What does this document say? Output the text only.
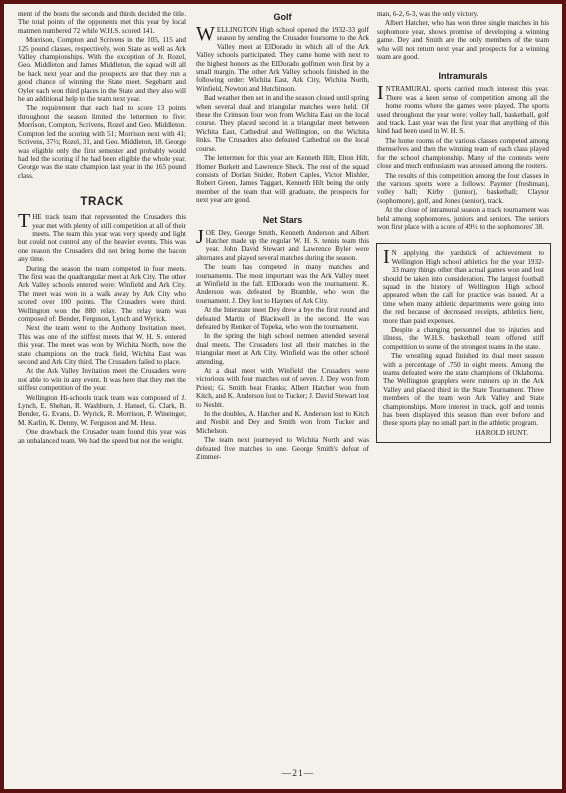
ment of the bouts the seconds and thirds decided the title. The total points of the opponents met this year by local matmen numbered 72 while W.H.S. scored 141.

Morrison, Compton and Scrivens in the 105, 115 and 125 pound classes, respectively, won State as well as Ark Valley championships. With the exception of Jr. Rozel, Geo. Middleton and James Middleton, the squad will all be back next year and the prospects are that they run a good chance of winning the State meet. Segebartt and Oyler each won third places in the State and they also will be an additional help to the team next year.

The requirement that each had to score 13 points throughout the season limited the lettermen to five: Morrison, Compton, Scrivens, Rozel and Geo. Middleton. Compton led the scoring with 51; Morrison next with 41; Scrivens, 37½; Rozel, 31, and Geo. Middleton, 18. George was eligible only the first semester and probably would had led the scoring if he had been eligible the whole year. George was the state champion last year in the 165 pound class.

TRACK

THE track team that represented the Crusaders this year met with plenty of still competition at all of their meets. The team this year was very speedy and light but could not control any of the heavier events. This was one reason the Crusaders did not bring home the bacon any time.

During the season the team competed in four meets. The first was the quadrangular meet at Ark City. The other Ark Valley schools entered were: Winfield and Ark City. The meet was won in a walk away by Ark City who scored over 100 points. The Crusaders were third. Wellington won the 880 relay. The relay team was composed of: Bender, Ferguson, Lynch and Wyrick.

Next the team went to the Anthony Invitation meet. This was one of the stiffest meets that W. H. S. entered this year. The meet was won by Wichita North, now the state champions on the track field, Wichita East was second and Ark City third. The Crusaders failed to place.

At the Ark Valley Invitation meet the Crusaders were not able to win in any event. It was here that they met the stiffest competition of the year.

Wellington Hi-schools track team was composed of J. Lynch, E. Shehan, R. Washburn, J. Hansel, G. Clark, B. Bender, G. Evans, D. Wyrick, R. Morrison, P. Wineinger, M. Karlin, K. Denny, W. Ferguson and M. Hess.

One drawback the Crusader team found this year was an unbalanced team. We had the speed but not the weight.

Golf

WELLINGTON High school opened the 1932-33 golf season by sending the Crusader foursome to the Ark Valley meet at ElDorado in which all of the Ark Valley schools participated. They came home with next to the highest honors as the ElDorado golfmen won first by a small margin. The other Ark Valley schools finished in the following order: Wichita East, Ark City, Wichita North, Winfield, Newton and Hutchinson.

Bad weather then set in and the season closed until spring when several dual and triangular matches were held. Of these the Crimson four won from Wichita East on the local course. They placed second in a triangular meet between Wichita East, Cathedral and Wellington, on the Wichita links. The Crusaders also defeated Cathedral on the local course.

The lettermen for this year are Kenneth Hilt, Elton Hilt, Homer Burkett and Lawrence Sheck. The rest of the squad consists of Dorlan Snider, Robert Caples, Victor Mishler, Robert Green, James Taggart, Kenneth Hilt being the only member of the team that will graduate, the prospects for next year are good.

Net Stars

JOE Dey, George Smith, Kenneth Anderson and Albert Hatcher made up the regular W. H. S. tennis team this year. John David Stewart and Lawrence Byler were alternates and played several matches during the season.

The team has competed in many matches and tournaments. The most important was the Ark Valley meet at Winfield in the fall. ElDorado won the tournament. K. Anderson was defeated by Bramble, who won the tournament. J. Dey lost to Haynes of Ark City.

At the Interstate meet Dey drew a bye the first round and defeated Martin of Blackwell in the second. He was defeated by Renker of Topeka, who won the tournament.

In the spring the high school netmen attended several dual meets. The Crusaders lost all their matches in the triangular meet at Ark City. Winfield was the other school attending.

At a dual meet with Winfield the Crusaders were victorious with four matches out of seven. J. Dey won from Priest; G. Smith beat Franks; Albert Hatcher won from Kitch, and K. Anderson lost to Tucker; J. David Stewart lost to Nesbit.

In the doubles, A. Hatcher and K. Anderson lost to Kitch and Nesbit and Dey and Smith won from Tucker and Michelson.

The team next journeyed to Wichita North and was defeated five matches to one. George Smith's defeat of Zimmer-

man, 6-2, 6-3, was the only victory.

Albert Hatcher, who has won three single matches in his sophomore year, shows promise of developing a winning game. Dey and Smith are the only members of the team who will not return next year and prospects for a winning team are good.

Intramurals

INTRAMURAL sports carried much interest this year. There was a keen sense of competition among all the home rooms where the games were played. The sports used throughout the year were: volley ball, basketball, golf and track. Last year was the first year that anything of this kind had been used in W. H. S.

The home rooms of the various classes competed among themselves and then the winning team of each class played for the school championship. Many of the contests were close and much enthusiasm was aroused among the rooters.

The results of this competition among the four classes in the various sports were a follows: Paynter (freshman), volley ball; Kirby (junior), basketball; Claytor (sophomore), golf, and Jones (senior), track.

At the close of intramural season a track tournament was held among sophomores, juniors and seniors. The seniors won first place with a score of 49½ to the sophomores' 38.

I N applying the yardstick of achievement to Wellington High school athletics for the year 1932-33 many things other than actual games won and lost should be taken into consideration. The largest football squad in the history of Wellington High school appeared when the call for practice was issued. At a time when many athletic departments were going into the red because of decreased receipts, athletics here, more than paid expenses.

Despite a changing personnel due to injuries and illness, the W.H.S. basketball team offered stiff competition to some of the strongest teams in the state.

The wrestling squad finished its dual meet season with a percentage of .750 in eight meets. Among the teams defeated were the state champions of Oklahoma. The Wellington grapplers were runners up in the Ark Valley and placed third in the State Tournament. Three members of the team won Ark Valley and State championships. More interest in track, golf and tennis has been displayed this season than ever before and these sports play no small part in the athletic program.

HAROLD HUNT.

—21—
